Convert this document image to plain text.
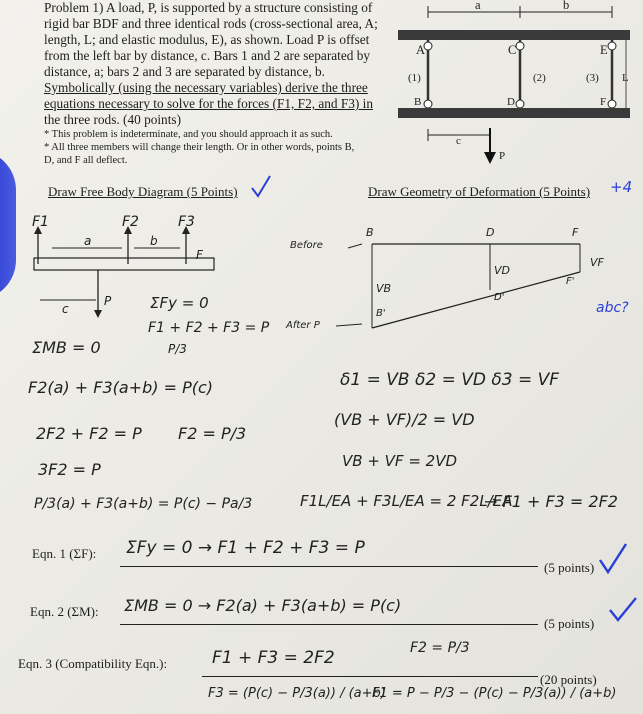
Problem 1) A load, P, is supported by a structure consisting of
rigid bar BDF and three identical rods (cross-sectional area, A;
length, L; and elastic modulus, E), as shown. Load P is offset
from the left bar by distance, c. Bars 1 and 2 are separated by
distance, a; bars 2 and 3 are separated by distance, b.
Symbolically (using the necessary variables) derive the three
equations necessary to solve for the forces (F1, F2, and F3) in
the three rods. (40 points)
* This problem is indeterminate, and you should approach it as such.
* All three members will change their length. Or in other words, points B,
D, and F all deflect.
a	b
A	C	E
(1)	(2)	(3) L
B	D	F
c
P
Draw Free Body Diagram (5 Points)	Draw Geometry of Deformation (5 Points) +4
F1	F2	F3
a	b
F
c
P	ΣFy = 0
F1 + F2 + F3 = P
P/3
ΣMB = 0
F2(a) + F3(a+b) = P(c)
2F2 + F2 = P F2 = P/3
3F2 = P
P/3(a) + F3(a+b) = P(c) − Pa/3
Before
After P
B	D	F
VB
VD
VF
B'
D'
F'
abc?
δ1 = VB δ2 = VD δ3 = VF
(VB + VF)/2 = VD
VB + VF = 2VD
F1L/EA + F3L/EA = 2 F2L/EA
→ F1 + F3 = 2F2
Eqn. 1 (ΣF): ΣFy = 0 → F1 + F2 + F3 = P
(5 points)
Eqn. 2 (ΣM): ΣMB = 0 → F2(a) + F3(a+b) = P(c)
(5 points)
F2 = P/3
Eqn. 3 (Compatibility Eqn.):	F1 + F3 = 2F2
(20 points)
F3 = (P(c) − P/3(a)) / (a+b)
F1 = P − P/3 − (P(c) − P/3(a)) / (a+b)
